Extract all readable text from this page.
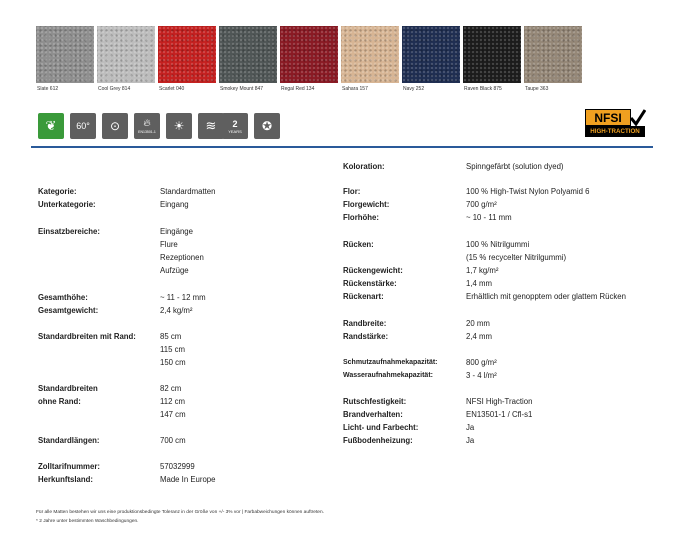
Slate 612	Cool Grey 814	Scarlet 040	Smokey Mount 847	Regal Red 134	Sahara 157	Navy 252	Raven Black 875	Taupe 363
❦	60°	⊙	🔥︎
EN13501-1	☀	≋	2
YEARS	✪
NFSI
HIGH-TRACTION
Kategorie:	Standardmatten
Unterkategorie:	Eingang
Einsatzbereiche:	Eingänge
Flure
Rezeptionen
Aufzüge
Gesamthöhe:	~ 11 - 12 mm
Gesamtgewicht:	2,4 kg/m²
Standardbreiten mit Rand:	85 cm
115 cm
150 cm
Standardbreiten
ohne Rand:
82 cm
112 cm
147 cm
Standardlängen:	700 cm
Zolltarifnummer:	57032999
Herkunftsland:	Made In Europe
Koloration:	Spinngefärbt (solution dyed)
Flor:	100 % High-Twist Nylon Polyamid 6
Florgewicht:	700 g/m²
Florhöhe:	~ 10 - 11 mm
Rücken:	100 % Nitrilgummi
(15 % recycelter Nitrilgummi)
Rückengewicht:	1,7 kg/m²
Rückenstärke:	1,4 mm
Rückenart:	Erhältlich mit genopptem oder glattem Rücken
Randbreite:	20 mm
Randstärke:	2,4 mm
Schmutzaufnahmekapazität:	800 g/m²
Wasseraufnahmekapazität:	3 - 4 l/m²
Rutschfestigkeit:	NFSI High-Traction
Brandverhalten:	EN13501-1 / Cfl-s1
Licht- und Farbecht:	Ja
Fußbodenheizung:	Ja
Für alle Matten bestehen wir uns eine produktionsbedingte Toleranz in der Größe von +/- 3% vor | Farbabweichungen können auftreten.
* 2 Jahre unter bestimmten Waschbedingungen.
